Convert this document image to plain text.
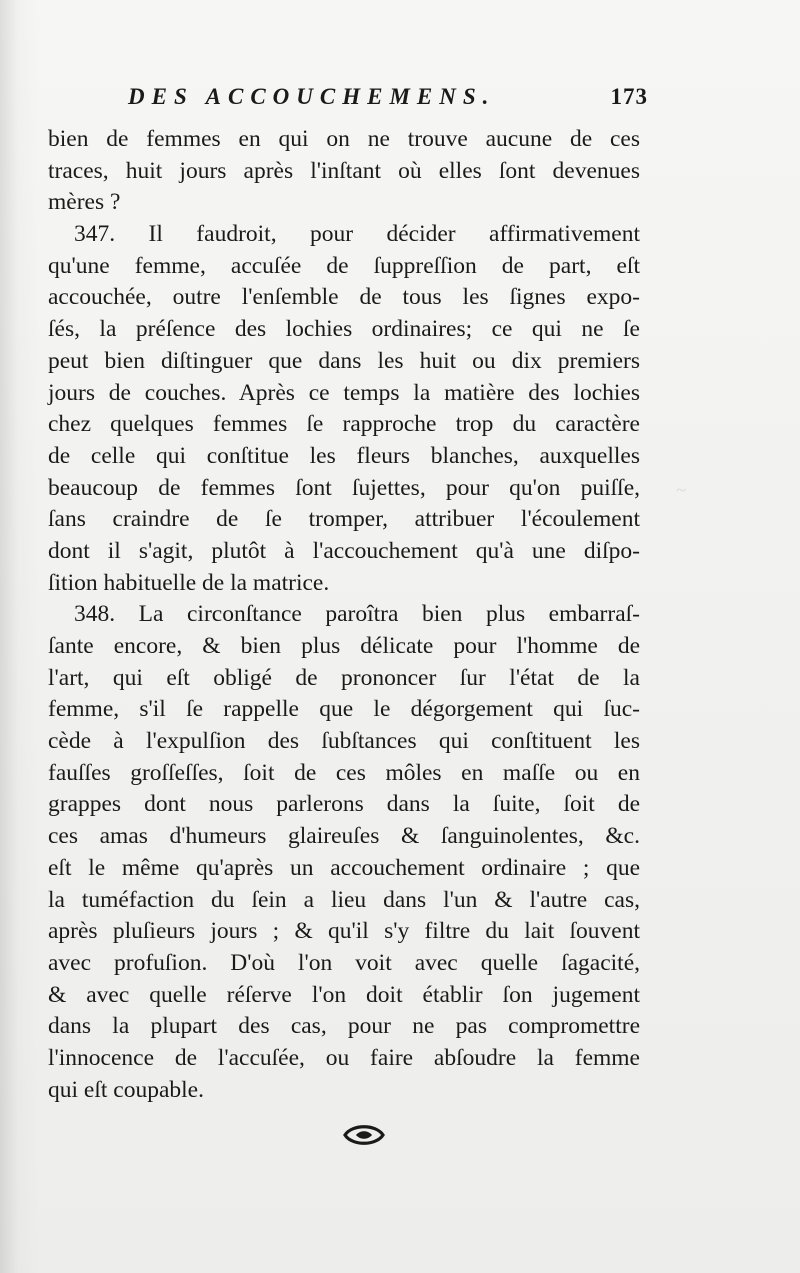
~
DES ACCOUCHEMENS.	173
bien de femmes en qui on ne trouve aucune de ces
traces, huit jours après l'inſtant où elles ſont devenues
mères ?
347. Il faudroit, pour décider affirmativement
qu'une femme, accuſée de ſuppreſſion de part, eſt
accouchée, outre l'enſemble de tous les ſignes expo-
ſés, la préſence des lochies ordinaires; ce qui ne ſe
peut bien diſtinguer que dans les huit ou dix premiers
jours de couches. Après ce temps la matière des lochies
chez quelques femmes ſe rapproche trop du caractère
de celle qui conſtitue les fleurs blanches, auxquelles
beaucoup de femmes ſont ſujettes, pour qu'on puiſſe,
ſans craindre de ſe tromper, attribuer l'écoulement
dont il s'agit, plutôt à l'accouchement qu'à une diſpo-
ſition habituelle de la matrice.
348. La circonſtance paroîtra bien plus embarraſ-
ſante encore, & bien plus délicate pour l'homme de
l'art, qui eſt obligé de prononcer ſur l'état de la
femme, s'il ſe rappelle que le dégorgement qui ſuc-
cède à l'expulſion des ſubſtances qui conſtituent les
fauſſes groſſeſſes, ſoit de ces môles en maſſe ou en
grappes dont nous parlerons dans la ſuite, ſoit de
ces amas d'humeurs glaireuſes & ſanguinolentes, &c.
eſt le même qu'après un accouchement ordinaire ; que
la tuméfaction du ſein a lieu dans l'un & l'autre cas,
après pluſieurs jours ; & qu'il s'y filtre du lait ſouvent
avec profuſion. D'où l'on voit avec quelle ſagacité,
& avec quelle réſerve l'on doit établir ſon jugement
dans la plupart des cas, pour ne pas compromettre
l'innocence de l'accuſée, ou faire abſoudre la femme
qui eſt coupable.
